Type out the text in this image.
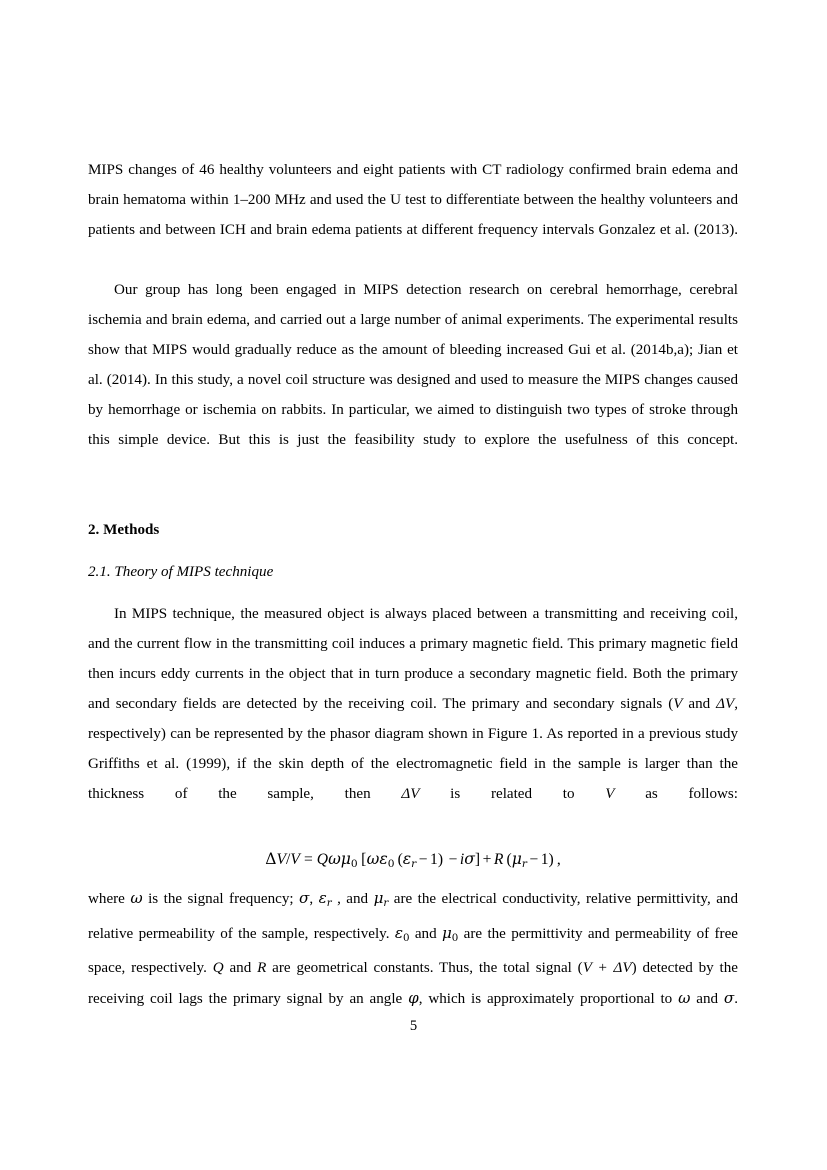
MIPS changes of 46 healthy volunteers and eight patients with CT radiology confirmed brain edema and brain hematoma within 1–200 MHz and used the U test to differentiate between the healthy volunteers and patients and between ICH and brain edema patients at different frequency intervals Gonzalez et al. (2013).

Our group has long been engaged in MIPS detection research on cerebral hemorrhage, cerebral ischemia and brain edema, and carried out a large number of animal experiments. The experimental results show that MIPS would gradually reduce as the amount of bleeding increased Gui et al. (2014b,a); Jian et al. (2014). In this study, a novel coil structure was designed and used to measure the MIPS changes caused by hemorrhage or ischemia on rabbits. In particular, we aimed to distinguish two types of stroke through this simple device. But this is just the feasibility study to explore the usefulness of this concept.

2. Methods
2.1. Theory of MIPS technique

In MIPS technique, the measured object is always placed between a transmitting and receiving coil, and the current flow in the transmitting coil induces a primary magnetic field. This primary magnetic field then incurs eddy currents in the object that in turn produce a secondary magnetic field. Both the primary and secondary fields are detected by the receiving coil. The primary and secondary signals (V and ΔV, respectively) can be represented by the phasor diagram shown in Figure 1. As reported in a previous study Griffiths et al. (1999), if the skin depth of the electromagnetic field in the sample is larger than the thickness of the sample, then ΔV is related to V as follows:

ΔV/V = Qωμ$_0$ [$\omega\varepsilon_0$ $(\varepsilon_r - 1) - i\sigma] + R$ $(\mu_r - 1)$ ,

where ω is the signal frequency; σ, $\varepsilon_r$ , and $\mu_r$ are the electrical conductivity, relative permittivity, and relative permeability of the sample, respectively. $\varepsilon_0$ and $\mu_0$ are the permittivity and permeability of free space, respectively. Q and R are geometrical constants. Thus, the total signal (V + ΔV) detected by the receiving coil lags the primary signal by an angle φ, which is approximately proportional to ω and σ.

5
